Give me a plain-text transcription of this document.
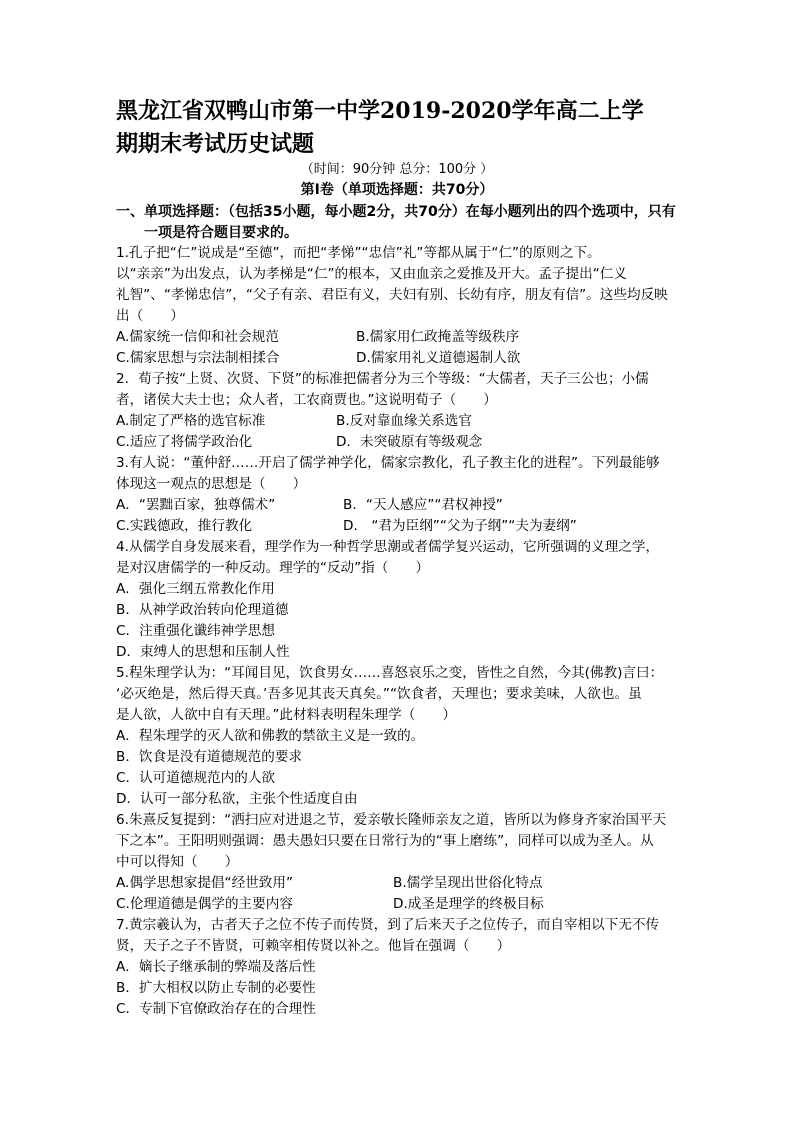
黑龙江省双鸭山市第一中学2019-2020学年高二上学
期期末考试历史试题
（时间：90分钟 总分：100分 ）
第Ⅰ卷（单项选择题：共70分）
一、单项选择题：（包括35小题，每小题2分，共70分）在每小题列出的四个选项中，只有
一项是符合题目要求的。
1.孔子把“仁”说成是“至德”，而把“孝悌”“忠信”礼”等都从属于“仁”的原则之下。
以“亲亲”为出发点，认为孝梯是“仁”的根本，又由血亲之爱推及开大。孟子提出“仁义
礼智”、“孝悌忠信”，“父子有亲、君臣有义，夫妇有别、长幼有序，朋友有信”。这些均反映
出（　　）
A.儒家统一信仰和社会规范	B.儒家用仁政掩盖等级秩序
C.儒家思想与宗法制相揉合	D.儒家用礼义道德遏制人欲
2．荀子按“上贤、次贤、下贤”的标准把儒者分为三个等级：“大儒者，天子三公也；小儒
者，诸侯大夫士也；众人者，工农商贾也。”这说明荀子（　　）
A.制定了严格的选官标准	B.反对靠血缘关系选官
C.适应了将儒学政治化	D．未突破原有等级观念
3.有人说：“董仲舒……开启了儒学神学化，儒家宗教化，孔子教主化的进程”。下列最能够
体现这一观点的思想是（　　）
A．“罢黜百家，独尊儒术”	B．“天人感应”“君权神授”
C.实践德政，推行教化	D.　“君为臣纲”“父为子纲”“夫为妻纲”
4.从儒学自身发展来看，理学作为一种哲学思潮或者儒学复兴运动，它所强调的义理之学，
是对汉唐儒学的一种反动。理学的“反动”指（　　）
A．强化三纲五常教化作用
B．从神学政治转向伦理道德
C．注重强化谶纬神学思想
D．束缚人的思想和压制人性
5.程朱理学认为：“耳闻目见，饮食男女……喜怒哀乐之变，皆性之自然，今其(佛教)言曰：
‘必灭绝是，然后得天真。’吾多见其丧天真矣。”“饮食者，天理也；要求美味，人欲也。虽
是人欲，人欲中自有天理。”此材料表明程朱理学（　　）
A．程朱理学的灭人欲和佛教的禁欲主义是一致的。
B．饮食是没有道德规范的要求
C．认可道德规范内的人欲
D．认可一部分私欲，主张个性适度自由
6.朱熹反复提到：“洒扫应对进退之节，爱亲敬长隆师亲友之道，皆所以为修身齐家治国平天
下之本”。王阳明则强调：愚夫愚妇只要在日常行为的“事上磨练”，同样可以成为圣人。从
中可以得知（　　）
A.偶学思想家提倡“经世致用”	B.儒学呈现出世俗化特点
C.伦理道德是偶学的主要内容	D.成圣是理学的终极目标
7.黄宗羲认为，古者天子之位不传子而传贤，到了后来天子之位传子，而自宰相以下无不传
贤，天子之子不皆贤，可赖宰相传贤以补之。他旨在强调（　　）
A．嫡长子继承制的弊端及落后性
B．扩大相权以防止专制的必要性
C．专制下官僚政治存在的合理性
